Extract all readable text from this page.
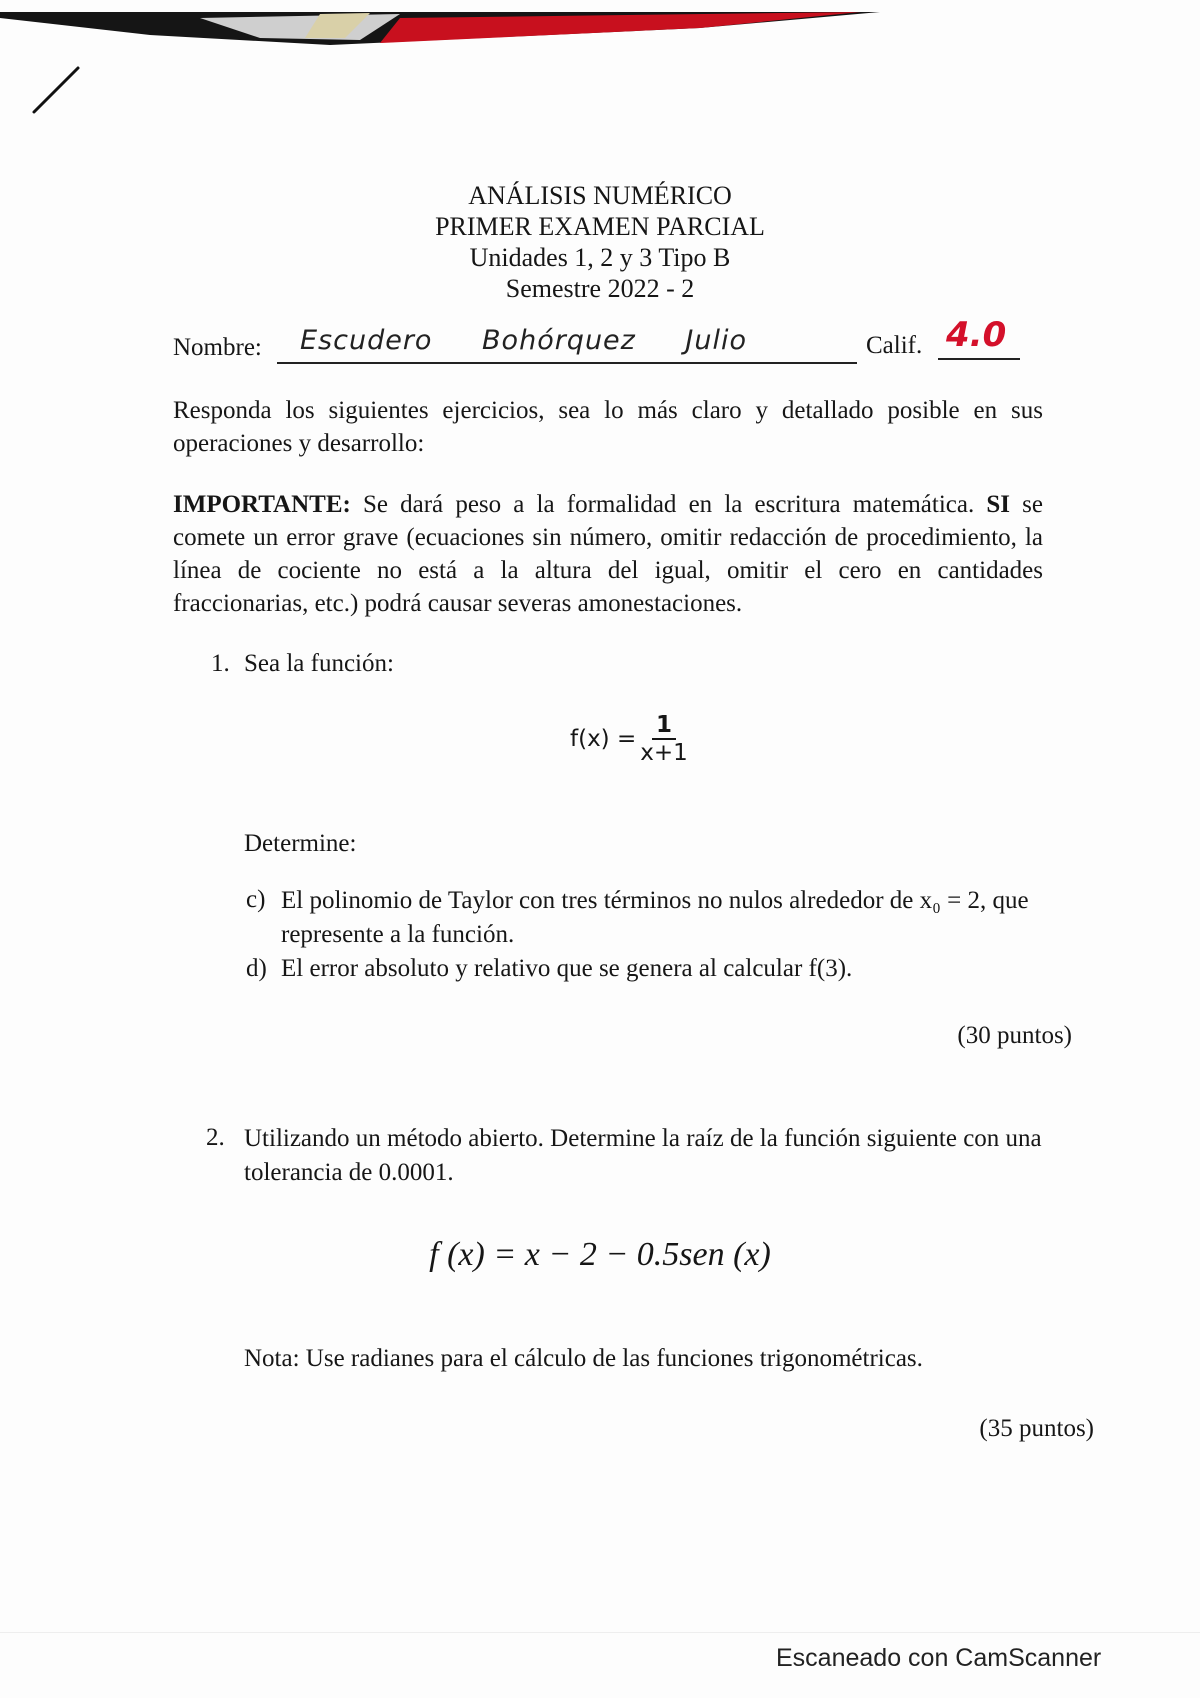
ANÁLISIS NUMÉRICO
PRIMER EXAMEN PARCIAL
Unidades 1, 2 y 3 Tipo B
Semestre 2022 - 2
Nombre: Escudero Bohórquez Julio	Calif. 4.0
Responda los siguientes ejercicios, sea lo más claro y detallado posible en sus operaciones y desarrollo:
IMPORTANTE: Se dará peso a la formalidad en la escritura matemática. SI se comete un error grave (ecuaciones sin número, omitir redacción de procedimiento, la línea de cociente no está a la altura del igual, omitir el cero en cantidades fraccionarias, etc.) podrá causar severas amonestaciones.
1. Sea la función:
$f(x) = \frac{1}{x+1}$
Determine:
c) El polinomio de Taylor con tres términos no nulos alrededor de x₀ = 2, que represente a la función.
d) El error absoluto y relativo que se genera al calcular f(3).
(30 puntos)
2. Utilizando un método abierto. Determine la raíz de la función siguiente con una tolerancia de 0.0001.
f (x) = x − 2 − 0.5sen (x)
Nota: Use radianes para el cálculo de las funciones trigonométricas.
(35 puntos)
Escaneado con CamScanner
